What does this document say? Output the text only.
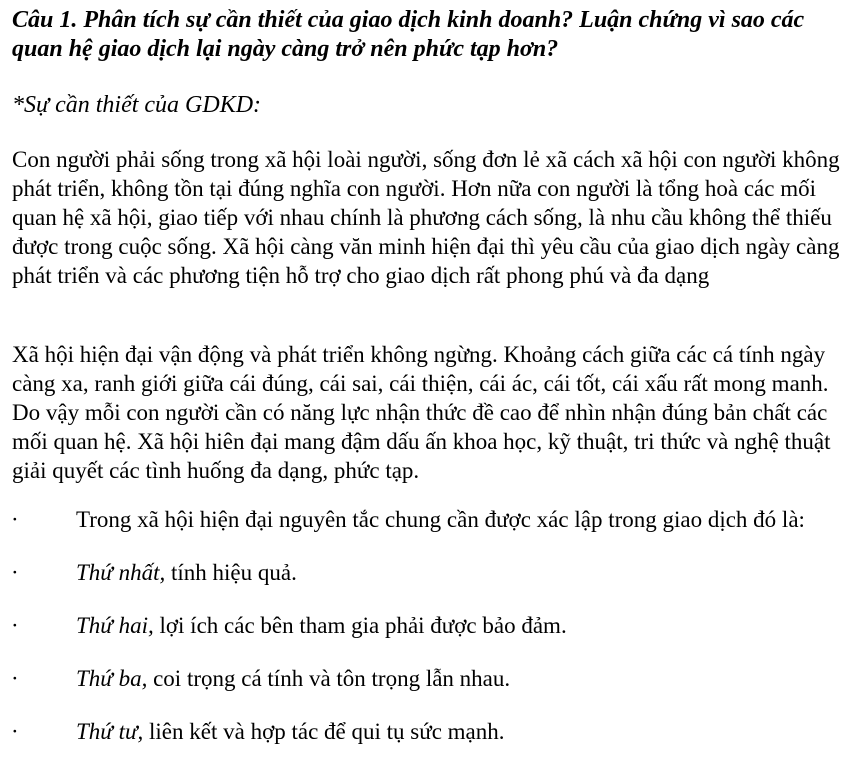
Câu 1. Phân tích sự cần thiết của giao dịch kinh doanh? Luận chứng vì sao các quan hệ giao dịch lại ngày càng trở nên phức tạp hơn?

*Sự cần thiết của GDKD:

Con người phải sống trong xã hội loài người, sống đơn lẻ xã cách xã hội con người không phát triển, không tồn tại đúng nghĩa con người. Hơn nữa con người là tổng hoà các mối quan hệ xã hội, giao tiếp với nhau chính là phương cách sống, là nhu cầu không thể thiếu được trong cuộc sống. Xã hội càng văn minh hiện đại thì yêu cầu của giao dịch ngày càng phát triển và các phương tiện hỗ trợ cho giao dịch rất phong phú và đa dạng

Xã hội hiện đại vận động và phát triển không ngừng. Khoảng cách giữa các cá tính ngày càng xa, ranh giới giữa cái đúng, cái sai, cái thiện, cái ác, cái tốt, cái xấu rất mong manh. Do vậy mỗi con người cần có năng lực nhận thức đề cao để nhìn nhận đúng bản chất các mối quan hệ. Xã hội hiên đại mang đậm dấu ấn khoa học, kỹ thuật, tri thức và nghệ thuật giải quyết các tình huống đa dạng, phức tạp.

· Trong xã hội hiện đại nguyên tắc chung cần được xác lập trong giao dịch đó là:
· Thứ nhất, tính hiệu quả.
· Thứ hai, lợi ích các bên tham gia phải được bảo đảm.
· Thứ ba, coi trọng cá tính và tôn trọng lẫn nhau.
· Thứ tư, liên kết và hợp tác để qui tụ sức mạnh.
